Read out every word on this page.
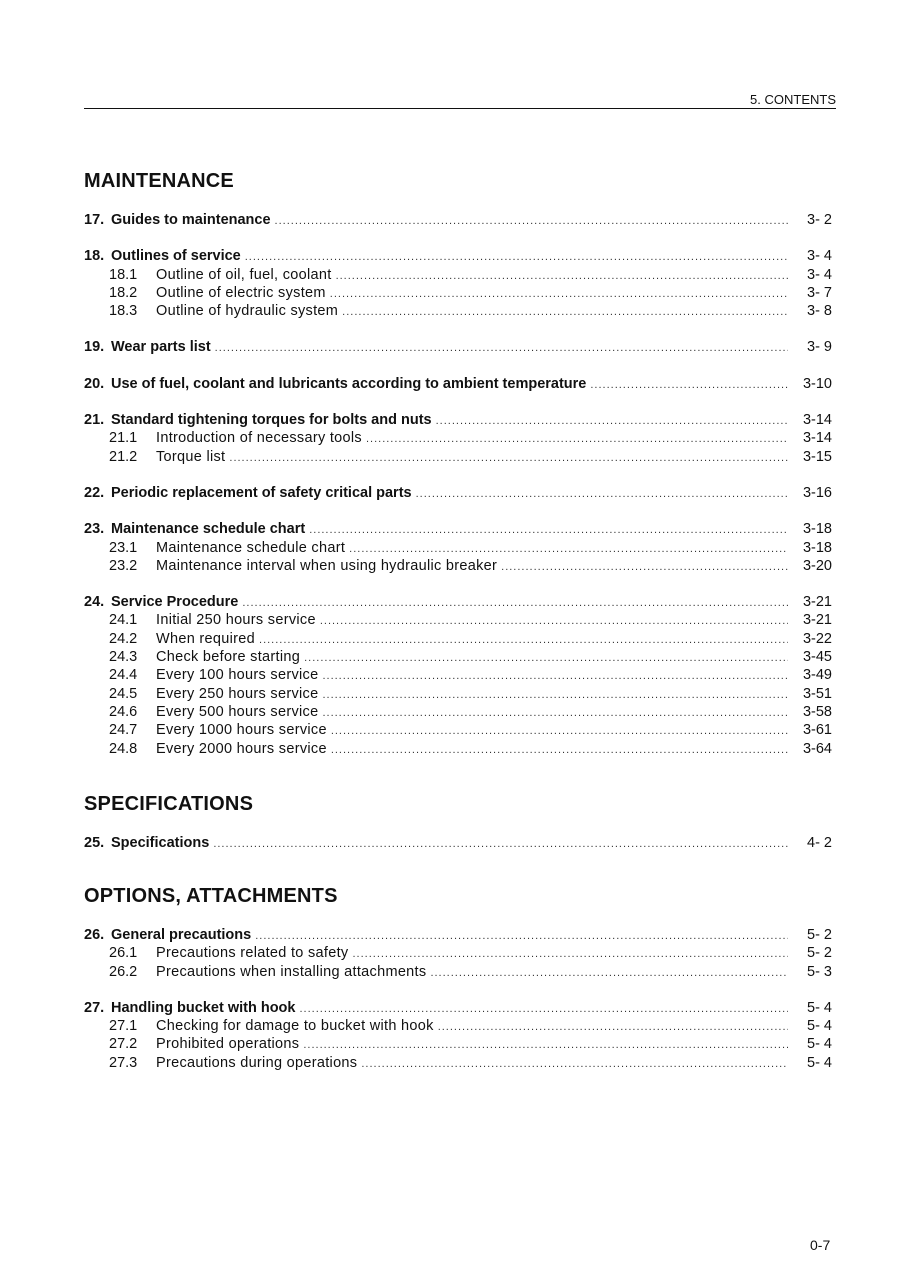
5. CONTENTS
MAINTENANCE
17. Guides to maintenance .....	3- 2
18. Outlines of service .....	3- 4
18.1	Outline of oil, fuel, coolant .....	3- 4
18.2	Outline of electric system .....	3- 7
18.3	Outline of hydraulic system .....	3- 8
19. Wear parts list .....	3- 9
20. Use of fuel, coolant and lubricants according to ambient temperature .....	3-10
21. Standard tightening torques for bolts and nuts .....	3-14
21.1	Introduction of necessary tools .....	3-14
21.2	Torque list .....	3-15
22. Periodic replacement of safety critical parts .....	3-16
23. Maintenance schedule chart .....	3-18
23.1	Maintenance schedule chart .....	3-18
23.2	Maintenance interval when using hydraulic breaker .....	3-20
24. Service Procedure .....	3-21
24.1	Initial 250 hours service .....	3-21
24.2	When required .....	3-22
24.3	Check before starting .....	3-45
24.4	Every 100 hours service .....	3-49
24.5	Every 250 hours service .....	3-51
24.6	Every 500 hours service .....	3-58
24.7	Every 1000 hours service .....	3-61
24.8	Every 2000 hours service .....	3-64
SPECIFICATIONS
25. Specifications .....	4- 2
OPTIONS, ATTACHMENTS
26. General precautions .....	5- 2
26.1	Precautions related to safety .....	5- 2
26.2	Precautions when installing attachments .....	5- 3
27. Handling bucket with hook .....	5- 4
27.1	Checking for damage to bucket with hook .....	5- 4
27.2	Prohibited operations .....	5- 4
27.3	Precautions during operations .....	5- 4
0-7
